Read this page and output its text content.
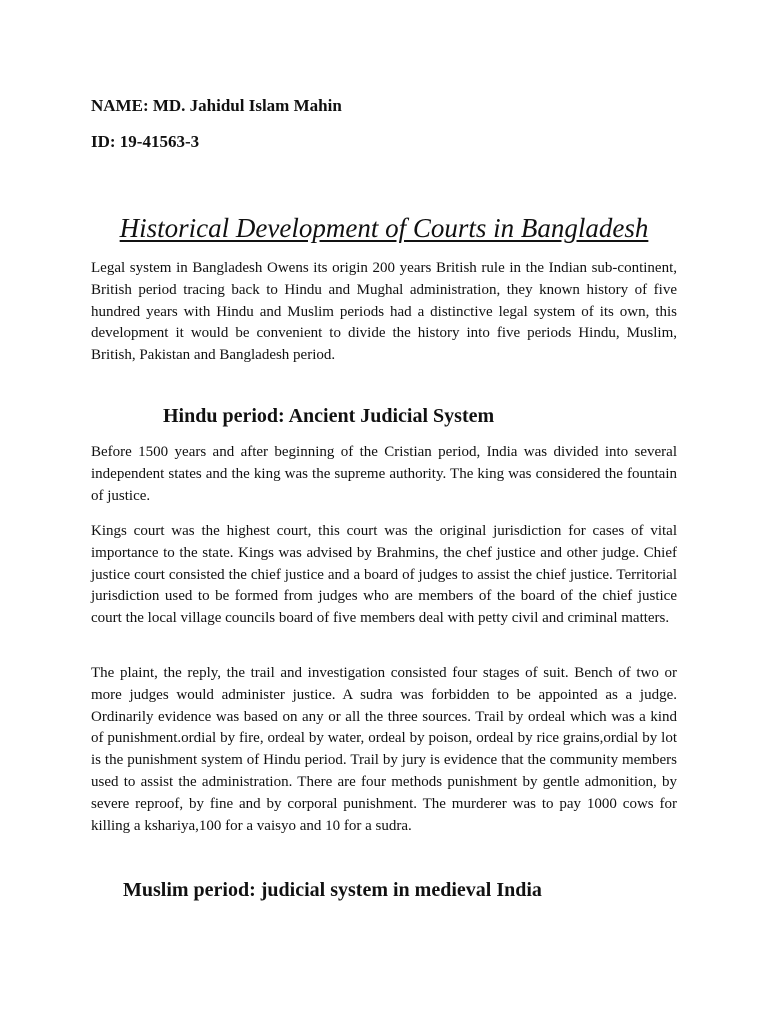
NAME: MD. Jahidul Islam Mahin
ID: 19-41563-3
Historical Development of Courts in Bangladesh

Legal system in Bangladesh Owens its origin 200 years British rule in the Indian sub-continent, British period tracing back to Hindu and Mughal administration, they known history of five hundred years with Hindu and Muslim periods had a distinctive legal system of its own, this development it would be convenient to divide the history into five periods Hindu, Muslim, British, Pakistan and Bangladesh period.

Hindu period: Ancient Judicial System

Before 1500 years and after beginning of the Cristian period, India was divided into several independent states and the king was the supreme authority. The king was considered the fountain of justice.

Kings court was the highest court, this court was the original jurisdiction for cases of vital importance to the state. Kings was advised by Brahmins, the chef justice and other judge. Chief justice court consisted the chief justice and a board of judges to assist the chief justice. Territorial jurisdiction used to be formed from judges who are members of the board of the chief justice court the local village councils board of five members deal with petty civil and criminal matters.

The plaint, the reply, the trail and investigation consisted four stages of suit. Bench of two or more judges would administer justice. A sudra was forbidden to be appointed as a judge. Ordinarily evidence was based on any or all the three sources. Trail by ordeal which was a kind of punishment.ordial by fire, ordeal by water, ordeal by poison, ordeal by rice grains,ordial by lot is the punishment system of Hindu period. Trail by jury is evidence that the community members used to assist the administration. There are four methods punishment by gentle admonition, by severe reproof, by fine and by corporal punishment. The murderer was to pay 1000 cows for killing a kshariya,100 for a vaisyo and 10 for a sudra.

Muslim period: judicial system in medieval India
